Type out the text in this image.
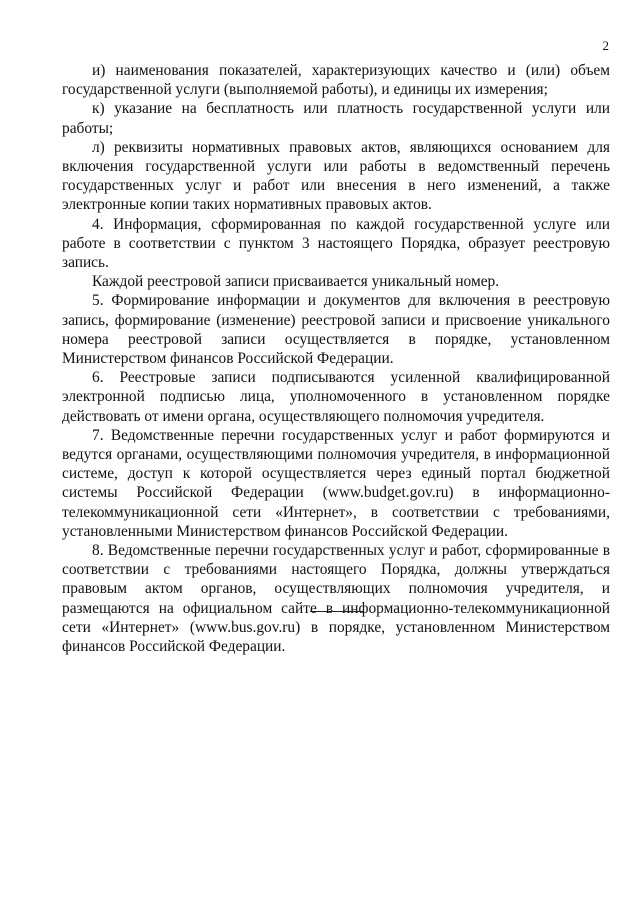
2

и) наименования показателей, характеризующих качество и (или) объем государственной услуги (выполняемой работы), и единицы их измерения;

к) указание на бесплатность или платность государственной услуги или работы;

л) реквизиты нормативных правовых актов, являющихся основанием для включения государственной услуги или работы в ведомственный перечень государственных услуг и работ или внесения в него изменений, а также электронные копии таких нормативных правовых актов.

4. Информация, сформированная по каждой государственной услуге или работе в соответствии с пунктом 3 настоящего Порядка, образует реестровую запись.

Каждой реестровой записи присваивается уникальный номер.

5. Формирование информации и документов для включения в реестровую запись, формирование (изменение) реестровой записи и присвоение уникального номера реестровой записи осуществляется в порядке, установленном Министерством финансов Российской Федерации.

6. Реестровые записи подписываются усиленной квалифицированной электронной подписью лица, уполномоченного в установленном порядке действовать от имени органа, осуществляющего полномочия учредителя.

7. Ведомственные перечни государственных услуг и работ формируются и ведутся органами, осуществляющими полномочия учредителя, в информационной системе, доступ к которой осуществляется через единый портал бюджетной системы Российской Федерации (www.budget.gov.ru) в информационно-телекоммуникационной сети «Интернет», в соответствии с требованиями, установленными Министерством финансов Российской Федерации.

8. Ведомственные перечни государственных услуг и работ, сформированные в соответствии с требованиями настоящего Порядка, должны утверждаться правовым актом органов, осуществляющих полномочия учредителя, и размещаются на официальном сайте в информационно-телекоммуникационной сети «Интернет» (www.bus.gov.ru) в порядке, установленном Министерством финансов Российской Федерации.
